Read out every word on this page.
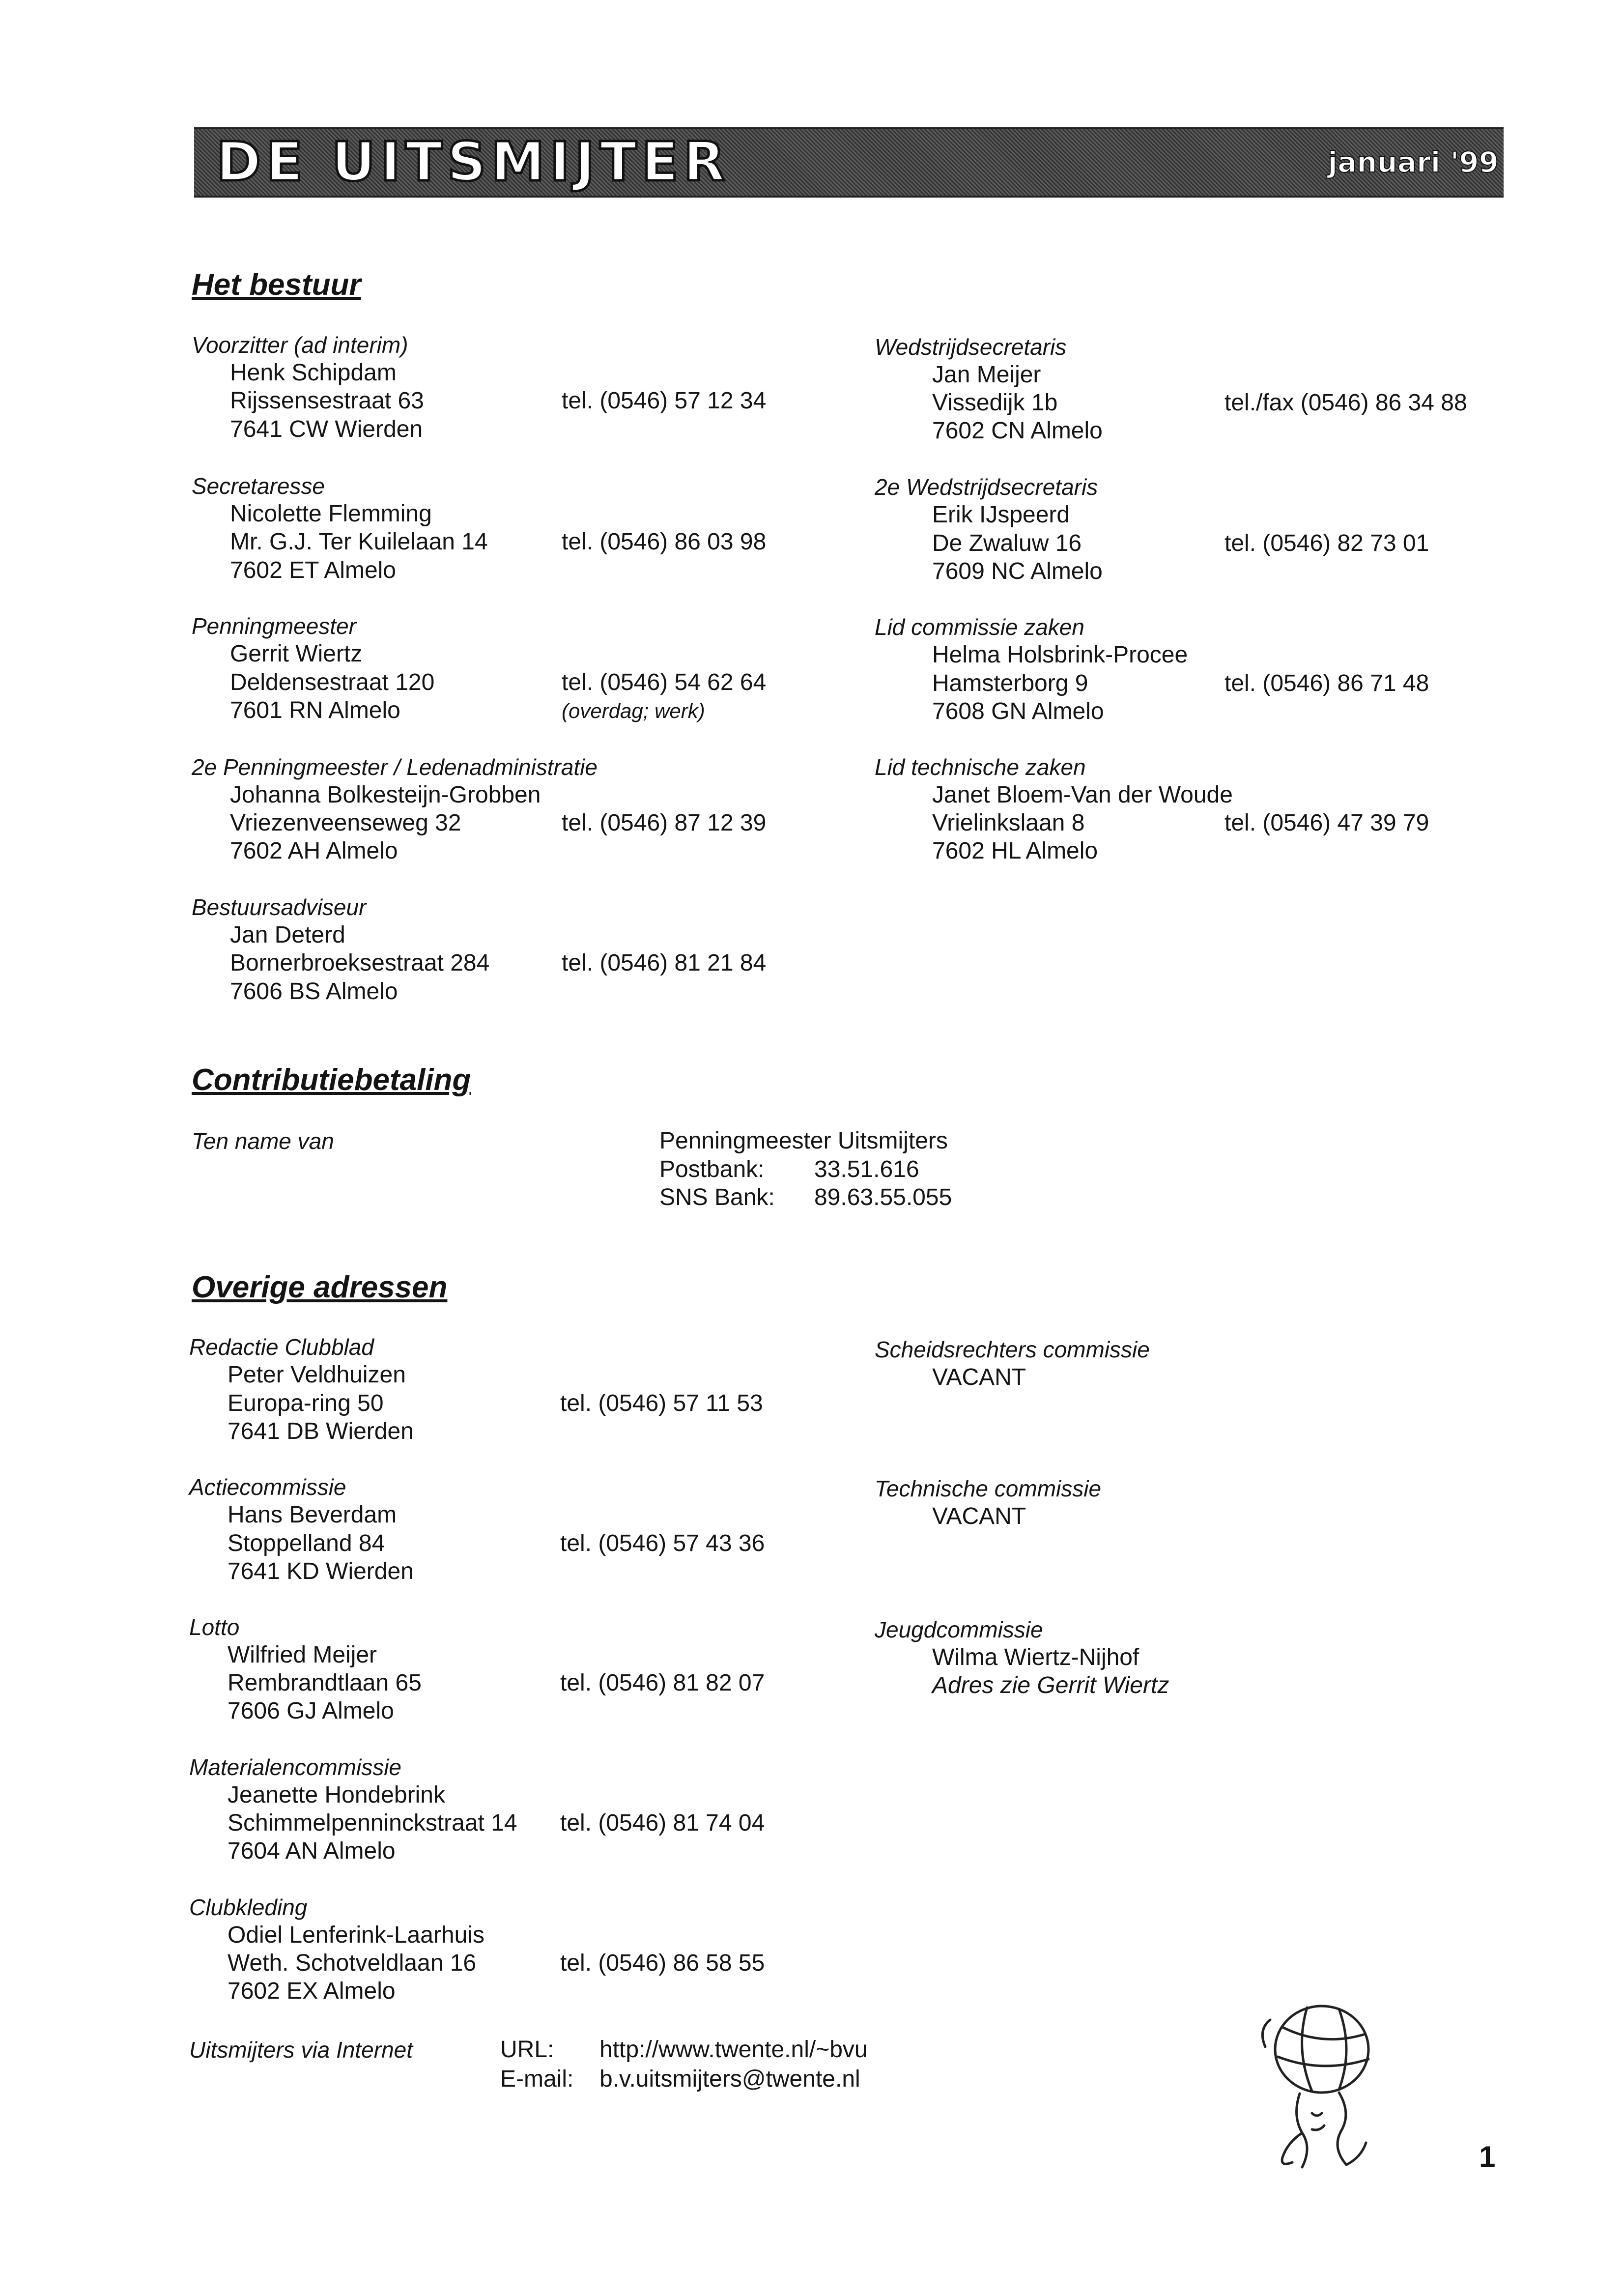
DE UITSMIJTER	januari '99
Het bestuur
Voorzitter (ad interim)
Henk Schipdam
Rijssensestraat 63
7641 CW Wierden
tel. (0546) 57 12 34
Secretaresse
Nicolette Flemming
Mr. G.J. Ter Kuilelaan 14
7602 ET Almelo
tel. (0546) 86 03 98
Penningmeester
Gerrit Wiertz
Deldensestraat 120
7601 RN Almelo
tel. (0546) 54 62 64
(overdag; werk)
2e Penningmeester / Ledenadministratie
Johanna Bolkesteijn-Grobben
Vriezenveenseweg 32
7602 AH Almelo
tel. (0546) 87 12 39
Bestuursadviseur
Jan Deterd
Bornerbroeksestraat 284
7606 BS Almelo
tel. (0546) 81 21 84
Wedstrijdsecretaris
Jan Meijer
Vissedijk 1b
7602 CN Almelo
tel./fax (0546) 86 34 88
2e Wedstrijdsecretaris
Erik IJspeerd
De Zwaluw 16
7609 NC Almelo
tel. (0546) 82 73 01
Lid commissie zaken
Helma Holsbrink-Procee
Hamsterborg 9
7608 GN Almelo
tel. (0546) 86 71 48
Lid technische zaken
Janet Bloem-Van der Woude
Vrielinkslaan 8
7602 HL Almelo
tel. (0546) 47 39 79
Contributiebetaling
Ten name van	Penningmeester Uitsmijters
Postbank: 33.51.616
SNS Bank: 89.63.55.055
Overige adressen
Redactie Clubblad
Peter Veldhuizen
Europa-ring 50
7641 DB Wierden
tel. (0546) 57 11 53
Actiecommissie
Hans Beverdam
Stoppelland 84
7641 KD Wierden
tel. (0546) 57 43 36
Lotto
Wilfried Meijer
Rembrandtlaan 65
7606 GJ Almelo
tel. (0546) 81 82 07
Materialencommissie
Jeanette Hondebrink
Schimmelpenninckstraat 14
7604 AN Almelo
tel. (0546) 81 74 04
Clubkleding
Odiel Lenferink-Laarhuis
Weth. Schotveldlaan 16
7602 EX Almelo
tel. (0546) 86 58 55
Scheidsrechters commissie
VACANT
Technische commissie
VACANT
Jeugdcommissie
Wilma Wiertz-Nijhof
Adres zie Gerrit Wiertz
Uitsmijters via Internet	URL: http://www.twente.nl/~bvu
E-mail: b.v.uitsmijters@twente.nl
1
